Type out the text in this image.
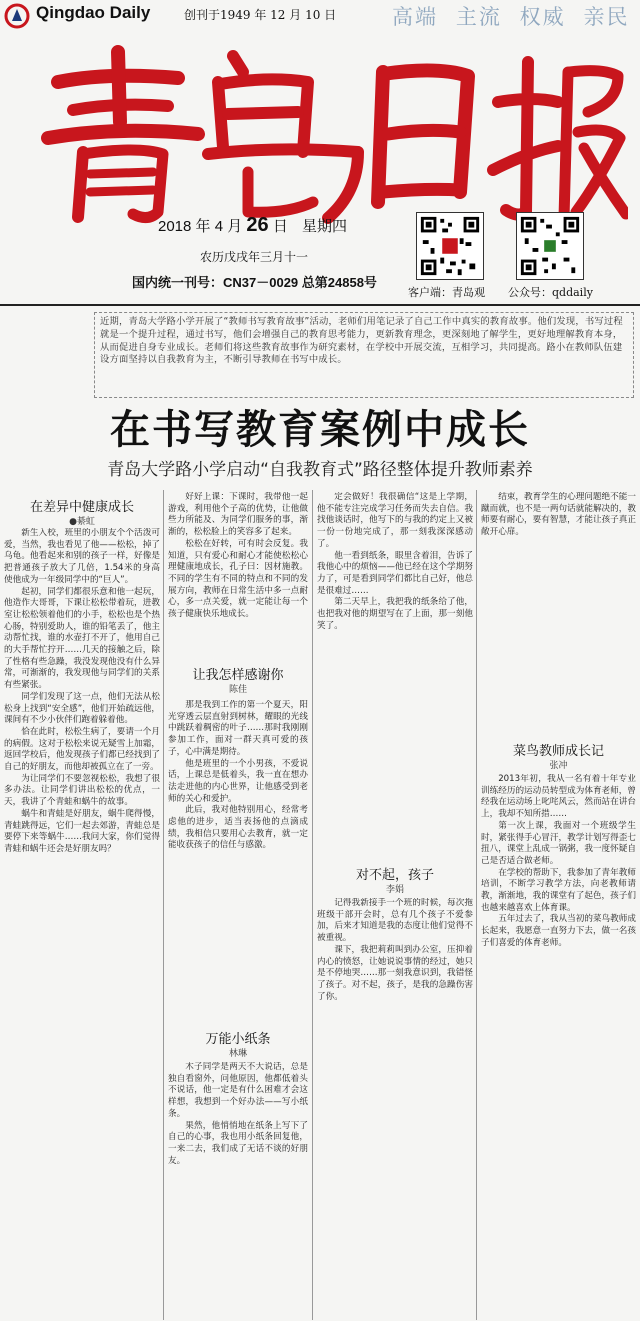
Qingdao Daily	创刊于1949 年 12 月 10 日	高端 主流 权威 亲民
2018 年 4 月 26 日 星期四
农历戊戌年三月十一
国内统一刊号：CN37－0029 总第24858号
客户端：青岛观 公众号：qddaily
近期，青岛大学路小学开展了“教师书写教育故事”活动，老师们用笔记录了自己工作中真实的教育故事。他们发现，书写过程就是一个提升过程，通过书写，他们会增强自己的教育思考能力，更新教育理念，更深刻地了解学生，更好地理解教育本身，从而促进自身专业成长。老师们将这些教育故事作为研究素材，在学校中开展交流，互相学习，共同提高。路小在教师队伍建设方面坚持以自我教育为主，不断引导教师在书写中成长。
在书写教育案例中成长
青岛大学路小学启动“自我教育式”路径整体提升教师素养
在差异中健康成长
●綦虹

新生入校，班里的小朋友个个活泼可爱，当然，我也看见了他——松松，掉了乌龟。他看起来和别的孩子一样，好像是把普通孩子放大了几倍，1.54米的身高使他成为一年级同学中的“巨人”。

起初，同学们都很乐意和他一起玩，他造作大哥哥，下课让松松带着玩，进教室让松松领着他们的小手，松松也是个热心肠，特别爱助人，谁的铅笔丢了，他主动帮忙找，谁的水壶打不开了，他用自己的大手帮忙拧开……几天的接触之后，除了性格有些急躁，我没发现他没有什么异常，可渐渐的，我发现他与同学们的关系有些紧张。

同学们发现了这一点，他们无法从松松身上找到“安全感”，他们开始疏远他，课间有不少小伙伴们跑着躲着他。

恰在此时，松松生病了，要请一个月的病假。这对于松松来说无疑雪上加霜，返回学校后，他发现孩子们都已经找到了自己的好朋友，而他却被孤立在了一旁。

为让同学们不要忽视松松，我想了很多办法。让同学们讲出松松的优点，一天，我讲了个青蛙和蜗牛的故事。

蜗牛和青蛙是好朋友，蜗牛爬得慢，青蛙跳得远，它们一起去郊游，青蛙总是要停下来等蜗牛……我问大家，你们觉得青蛙和蜗牛还会是好朋友吗？

好好上课：下课时，我带他一起游戏，利用他个子高的优势，让他做些力所能及、为同学们服务的事，渐渐的，松松脸上的笑容多了起来。

松松在好转，可有时会反复。我知道，只有爱心和耐心才能使松松心理健康地成长，孔子曰：因材施教。不同的学生有不同的特点和不同的发展方向，教师在日常生活中多一点耐心，多一点关爱，就一定能让每一个孩子健康快乐地成长。

让我怎样感谢你
陈佳

那是我到工作的第一个夏天，阳光穿透云层直射到树林，耀眼的光线中跳跃着稠密的叶子……那时我刚刚参加工作，面对一群天真可爱的孩子，心中满是期待。

他是班里的一个小男孩，不爱说话，上课总是低着头，我一直在想办法走进他的内心世界，让他感受到老师的关心和爱护。

此后，我对他特别用心，经常考虑他的进步，适当表扬他的点滴成绩，我相信只要用心去教育，就一定能收获孩子的信任与感激。

万能小纸条
林琳

木子同学是两天不大说话，总是独自看窗外，问他原因，他都低着头不说话，他一定是有什么困难才会这样想，我想到一个好办法——写小纸条。

果然，他悄悄地在纸条上写下了自己的心事，我也用小纸条回复他，一来二去，我们成了无话不谈的好朋友。

定会做好！我很确信“这是上学期，他不能专注完成学习任务而失去自信。我找他谈话时，他写下的与我的约定上又被一份一份地完成了，那一刻我深深感动了。

他一看到纸条，眼里含着泪，告诉了我他心中的烦恼——他已经在这个学期努力了，可是看到同学们都比自己好，他总是很难过……

第二天早上，我把我的纸条给了他，也把我对他的期望写在了上面，那一刻他笑了。

对不起，孩子
李娟

记得我新接手一个班的时候，每次拖班级干部开会时，总有几个孩子不爱参加，后来才知道是我的态度让他们觉得不被重视。

课下，我把莉莉叫到办公室，压抑着内心的愤怒，让她说说事情的经过，她只是不停地哭……那一刻我意识到，我错怪了孩子。对不起，孩子，是我的急躁伤害了你。

结束，教育学生的心理问题绝不能一蹴而就，也不是一两句话就能解决的，教师要有耐心，要有智慧，才能让孩子真正敞开心扉。

菜鸟教师成长记
张冲

2013年初，我从一名有着十年专业训练经历的运动员转型成为体育老师，曾经我在运动场上叱咤风云，然而站在讲台上，我却不知所措……

第一次上课，我面对一个班级学生时，紧张得手心冒汗，教学计划写得歪七扭八，课堂上乱成一锅粥，我一度怀疑自己是否适合做老师。

在学校的帮助下，我参加了青年教师培训，不断学习教学方法，向老教师请教，渐渐地，我的课堂有了起色，孩子们也越来越喜欢上体育课。

五年过去了，我从当初的菜鸟教师成长起来，我愿意一直努力下去，做一名孩子们喜爱的体育老师。
